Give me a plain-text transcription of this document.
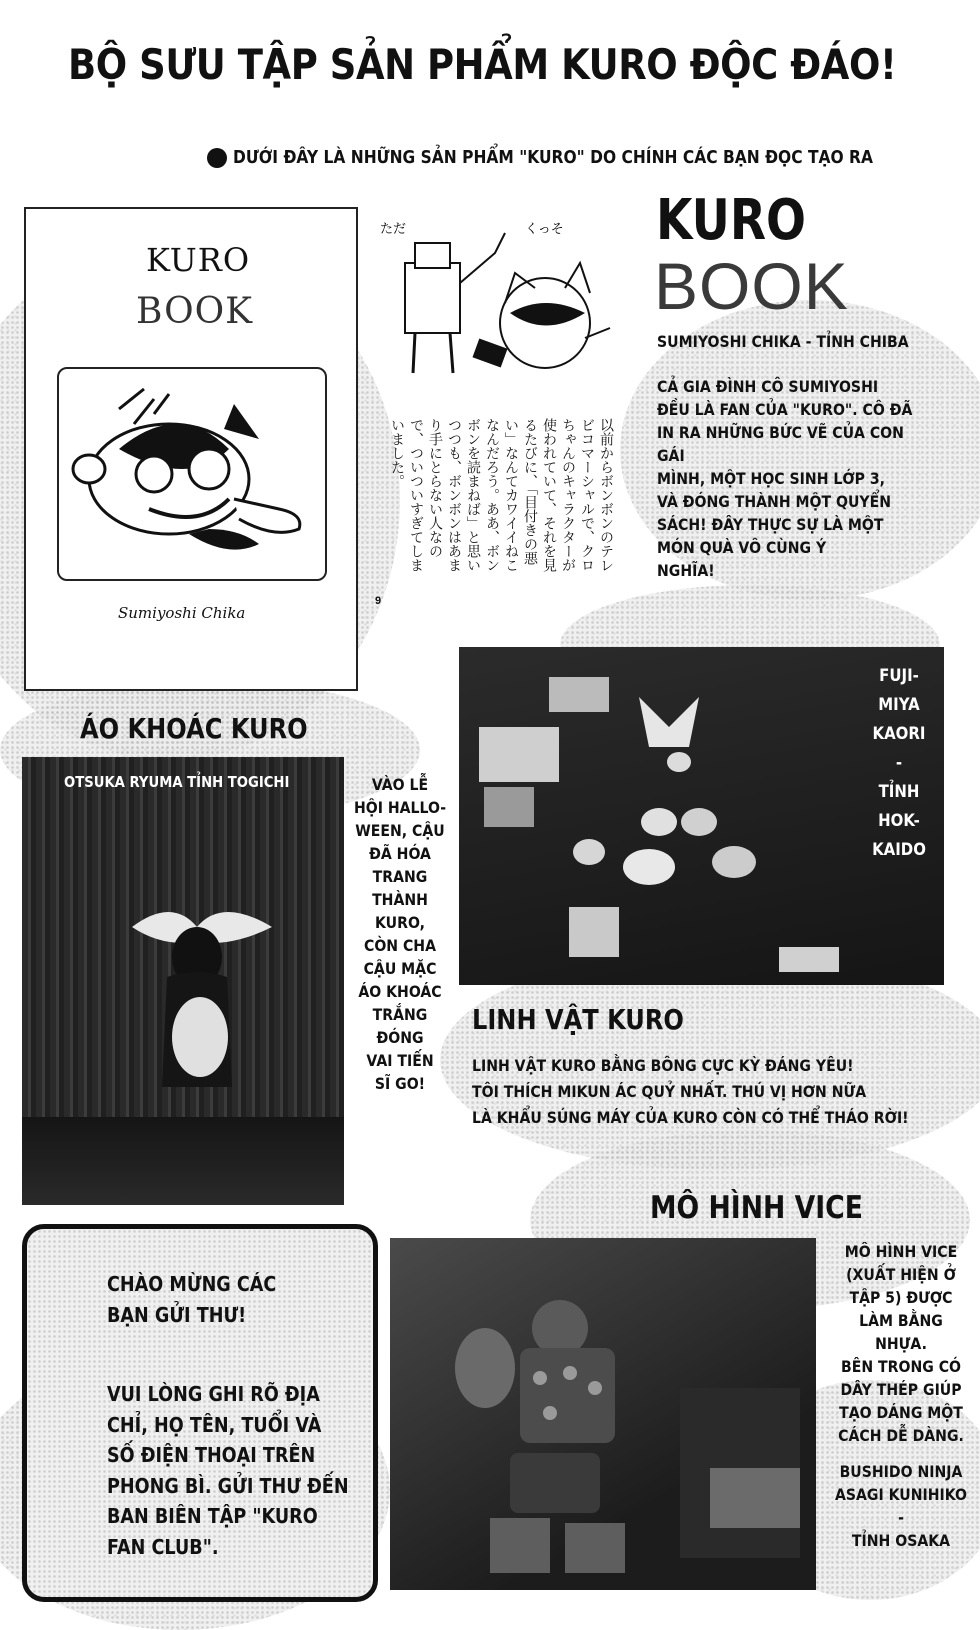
BỘ SƯU TẬP SẢN PHẨM KURO ĐỘC ĐÁO!
DƯỚI ĐÂY LÀ NHỮNG SẢN PHẨM "KURO" DO CHÍNH CÁC BẠN ĐỌC TẠO RA
KURO
BOOK
Sumiyoshi Chika
ただ	くっそ
以前からボンボンのテレビコマーシャルで、クロちゃんのキャラクターが使われていて、それを見るたびに、「目付きの悪い」なんてカワイイねこなんだろう。ああ、ボンボンを読まねば」と思いつつも、ボンボンはあまり手にとらない人なので、ついついすぎてしまいました。
9
KURO
BOOK
SUMIYOSHI CHIKA - TỈNH CHIBA
CẢ GIA ĐÌNH CÔ SUMIYOSHI
ĐỀU LÀ FAN CỦA "KURO". CÔ ĐÃ
IN RA NHỮNG BỨC VẼ CỦA CON GÁI
MÌNH, MỘT HỌC SINH LỚP 3,
VÀ ĐÓNG THÀNH MỘT QUYỂN
SÁCH! ĐÂY THỰC SỰ LÀ MỘT
MÓN QUÀ VÔ CÙNG Ý
NGHĨA!
ÁO KHOÁC KURO
OTSUKA RYUMA TỈNH TOGICHI	VÀO LỄ
HỘI HALLO-
WEEN, CẬU
ĐÃ HÓA
TRANG
THÀNH
KURO,
CÒN CHA
CẬU MẶC
ÁO KHOÁC
TRẮNG
ĐÓNG
VAI TIẾN
SĨ GO!
FUJI-
MIYA
KAORI
-
TỈNH
HOK-
KAIDO
LINH VẬT KURO
LINH VẬT KURO BẰNG BÔNG CỰC KỲ ĐÁNG YÊU!
TÔI THÍCH MIKUN ÁC QUỶ NHẤT. THÚ VỊ HƠN NỮA
LÀ KHẨU SÚNG MÁY CỦA KURO CÒN CÓ THỂ THÁO RỜI!
CHÀO MỪNG CÁC
BẠN GỬI THƯ!
VUI LÒNG GHI RÕ ĐỊA
CHỈ, HỌ TÊN, TUỔI VÀ
SỐ ĐIỆN THOẠI TRÊN
PHONG BÌ. GỬI THƯ ĐẾN
BAN BIÊN TẬP "KURO
FAN CLUB".
MÔ HÌNH VICE
MÔ HÌNH VICE
(XUẤT HIỆN Ở
TẬP 5) ĐƯỢC
LÀM BẰNG NHỰA.
BÊN TRONG CÓ
DÂY THÉP GIÚP
TẠO DÁNG MỘT
CÁCH DỄ DÀNG.
BUSHIDO NINJA
ASAGI KUNIHIKO
-
TỈNH OSAKA
